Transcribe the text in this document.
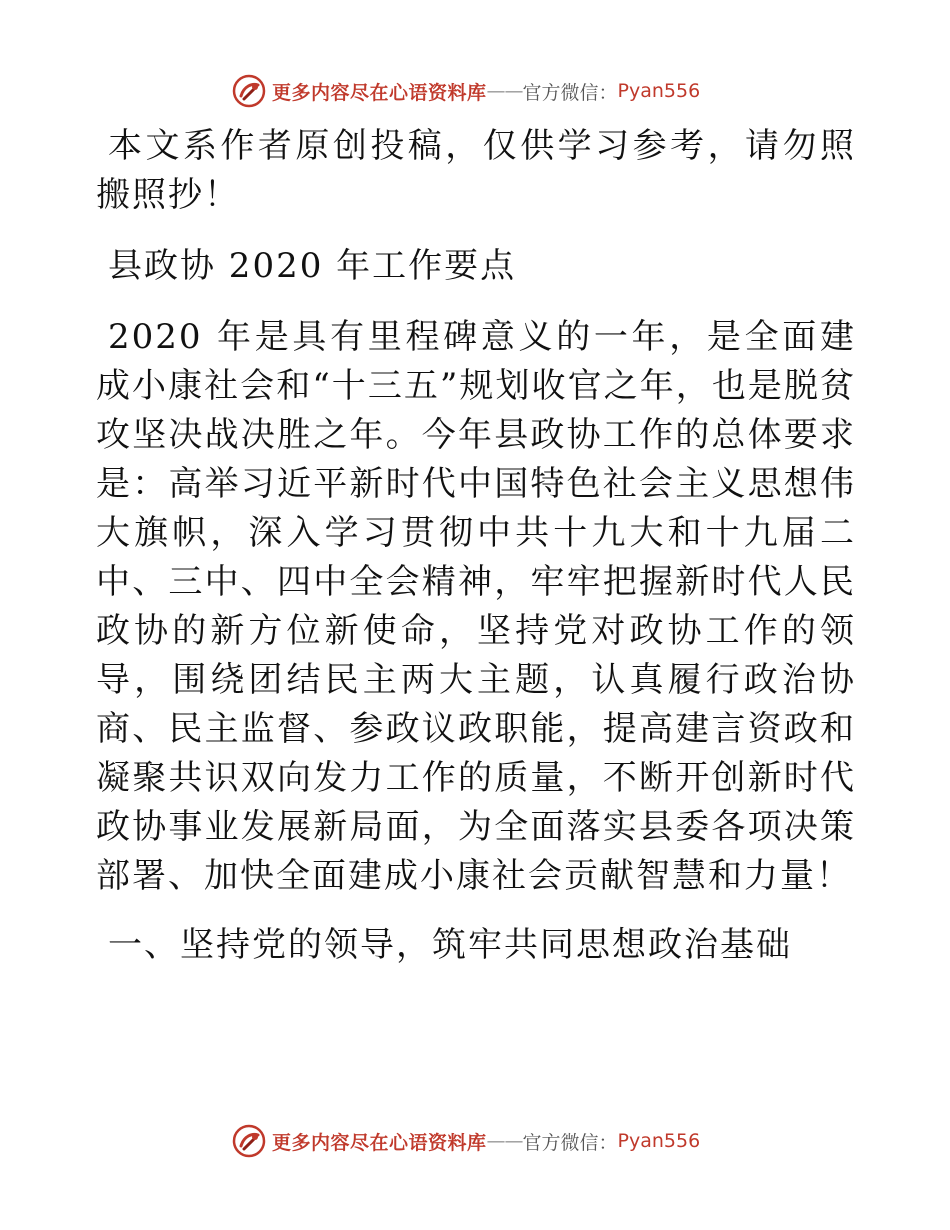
更多内容尽在心语资料库 —— 官方微信： Pyan556

本文系作者原创投稿，仅供学习参考，请勿照搬照抄！

县政协 2020 年工作要点

2020 年是具有里程碑意义的一年，是全面建成小康社会和“十三五”规划收官之年，也是脱贫攻坚决战决胜之年。今年县政协工作的总体要求是：高举习近平新时代中国特色社会主义思想伟大旗帜，深入学习贯彻中共十九大和十九届二中、三中、四中全会精神，牢牢把握新时代人民政协的新方位新使命，坚持党对政协工作的领导，围绕团结民主两大主题，认真履行政治协商、民主监督、参政议政职能，提高建言资政和凝聚共识双向发力工作的质量，不断开创新时代政协事业发展新局面，为全面落实县委各项决策部署、加快全面建成小康社会贡献智慧和力量！

一、坚持党的领导，筑牢共同思想政治基础

更多内容尽在心语资料库 —— 官方微信： Pyan556
